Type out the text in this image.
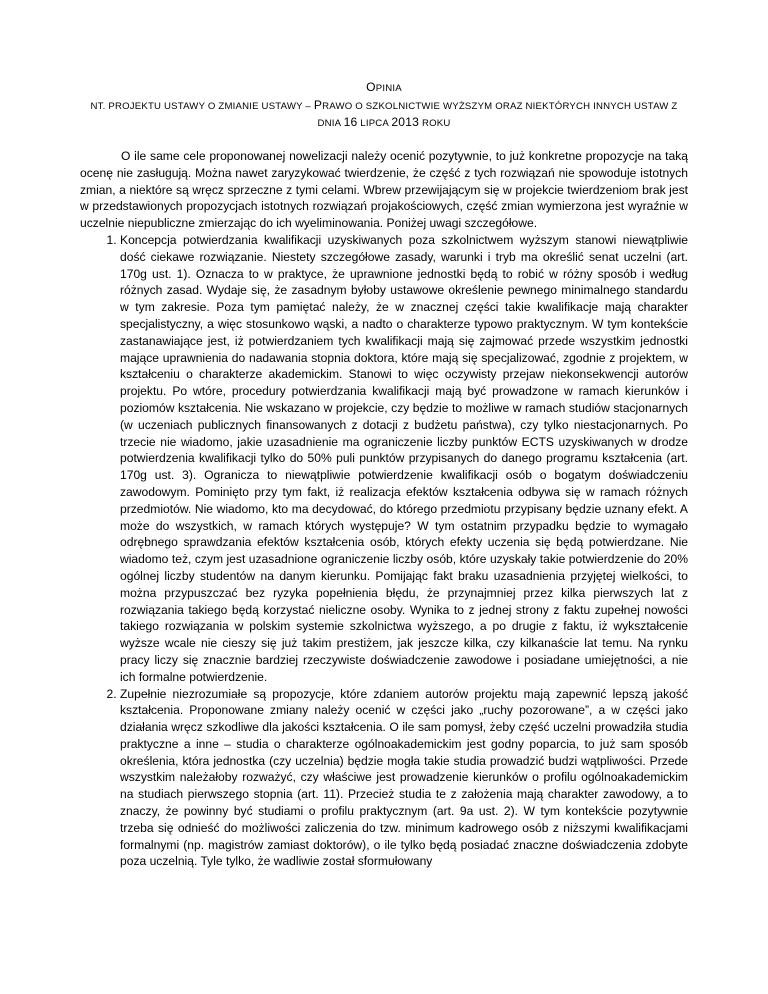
OPINIA
NT. PROJEKTU USTAWY O ZMIANIE USTAWY – PRAWO O SZKOLNICTWIE WYŻSZYM ORAZ NIEKTÓRYCH INNYCH USTAW Z
DNIA 16 LIPCA 2013 ROKU

O ile same cele proponowanej nowelizacji należy ocenić pozytywnie, to już konkretne propozycje na taką ocenę nie zasługują. Można nawet zaryzykować twierdzenie, że część z tych rozwiązań nie spowoduje istotnych zmian, a niektóre są wręcz sprzeczne z tymi celami. Wbrew przewijającym się w projekcie twierdzeniom brak jest w przedstawionych propozycjach istotnych rozwiązań projakościowych, część zmian wymierzona jest wyraźnie w uczelnie niepubliczne zmierzając do ich wyeliminowania. Poniżej uwagi szczegółowe.

1. Koncepcja potwierdzania kwalifikacji uzyskiwanych poza szkolnictwem wyższym stanowi niewątpliwie dość ciekawe rozwiązanie. Niestety szczegółowe zasady, warunki i tryb ma określić senat uczelni (art. 170g ust. 1). Oznacza to w praktyce, że uprawnione jednostki będą to robić w różny sposób i według różnych zasad. Wydaje się, że zasadnym byłoby ustawowe określenie pewnego minimalnego standardu w tym zakresie. Poza tym pamiętać należy, że w znacznej części takie kwalifikacje mają charakter specjalistyczny, a więc stosunkowo wąski, a nadto o charakterze typowo praktycznym. W tym kontekście zastanawiające jest, iż potwierdzaniem tych kwalifikacji mają się zajmować przede wszystkim jednostki mające uprawnienia do nadawania stopnia doktora, które mają się specjalizować, zgodnie z projektem, w kształceniu o charakterze akademickim. Stanowi to więc oczywisty przejaw niekonsekwencji autorów projektu. Po wtóre, procedury potwierdzania kwalifikacji mają być prowadzone w ramach kierunków i poziomów kształcenia. Nie wskazano w projekcie, czy będzie to możliwe w ramach studiów stacjonarnych (w uczeniach publicznych finansowanych z dotacji z budżetu państwa), czy tylko niestacjonarnych. Po trzecie nie wiadomo, jakie uzasadnienie ma ograniczenie liczby punktów ECTS uzyskiwanych w drodze potwierdzenia kwalifikacji tylko do 50% puli punktów przypisanych do danego programu kształcenia (art. 170g ust. 3). Ogranicza to niewątpliwie potwierdzenie kwalifikacji osób o bogatym doświadczeniu zawodowym. Pominięto przy tym fakt, iż realizacja efektów kształcenia odbywa się w ramach różnych przedmiotów. Nie wiadomo, kto ma decydować, do którego przedmiotu przypisany będzie uznany efekt. A może do wszystkich, w ramach których występuje? W tym ostatnim przypadku będzie to wymagało odrębnego sprawdzania efektów kształcenia osób, których efekty uczenia się będą potwierdzane. Nie wiadomo też, czym jest uzasadnione ograniczenie liczby osób, które uzyskały takie potwierdzenie do 20% ogólnej liczby studentów na danym kierunku. Pomijając fakt braku uzasadnienia przyjętej wielkości, to można przypuszczać bez ryzyka popełnienia błędu, że przynajmniej przez kilka pierwszych lat z rozwiązania takiego będą korzystać nieliczne osoby. Wynika to z jednej strony z faktu zupełnej nowości takiego rozwiązania w polskim systemie szkolnictwa wyższego, a po drugie z faktu, iż wykształcenie wyższe wcale nie cieszy się już takim prestiżem, jak jeszcze kilka, czy kilkanaście lat temu. Na rynku pracy liczy się znacznie bardziej rzeczywiste doświadczenie zawodowe i posiadane umiejętności, a nie ich formalne potwierdzenie.
2. Zupełnie niezrozumiałe są propozycje, które zdaniem autorów projektu mają zapewnić lepszą jakość kształcenia. Proponowane zmiany należy ocenić w części jako „ruchy pozorowane”, a w części jako działania wręcz szkodliwe dla jakości kształcenia. O ile sam pomysł, żeby część uczelni prowadziła studia praktyczne a inne – studia o charakterze ogólnoakademickim jest godny poparcia, to już sam sposób określenia, która jednostka (czy uczelnia) będzie mogła takie studia prowadzić budzi wątpliwości. Przede wszystkim należałoby rozważyć, czy właściwe jest prowadzenie kierunków o profilu ogólnoakademickim na studiach pierwszego stopnia (art. 11). Przecież studia te z założenia mają charakter zawodowy, a to znaczy, że powinny być studiami o profilu praktycznym (art. 9a ust. 2). W tym kontekście pozytywnie trzeba się odnieść do możliwości zaliczenia do tzw. minimum kadrowego osób z niższymi kwalifikacjami formalnymi (np. magistrów zamiast doktorów), o ile tylko będą posiadać znaczne doświadczenia zdobyte poza uczelnią. Tyle tylko, że wadliwie został sformułowany
